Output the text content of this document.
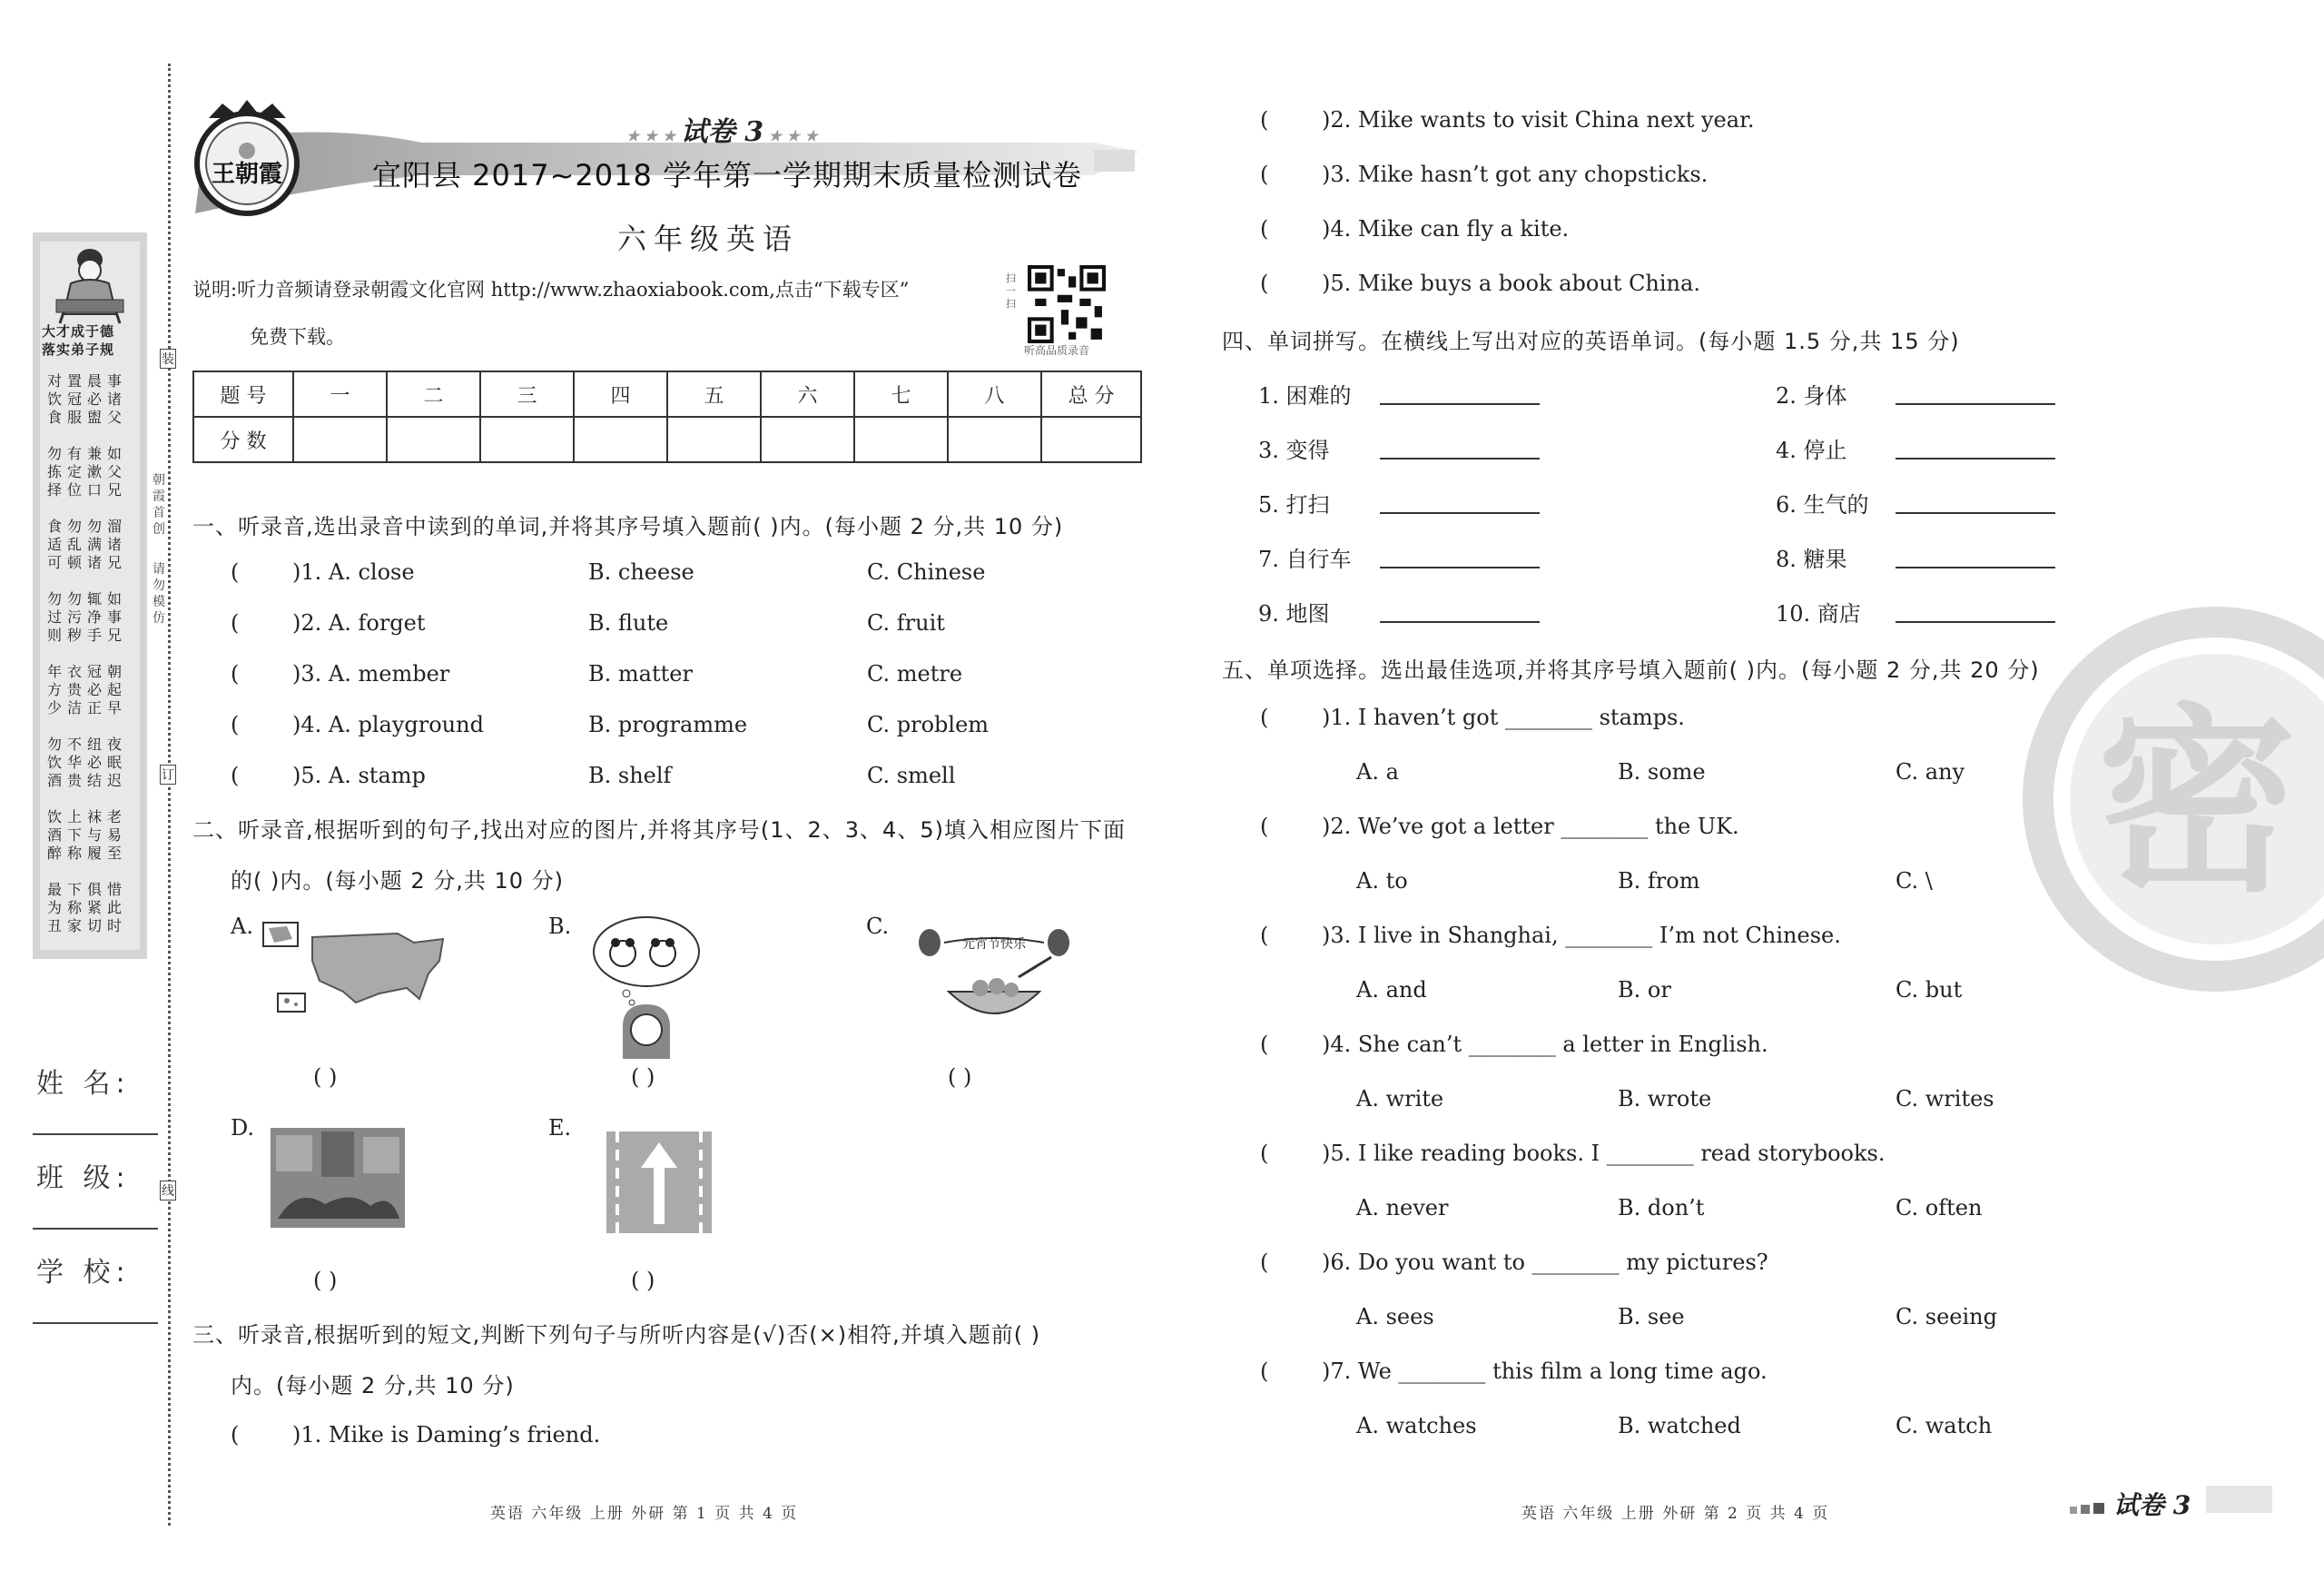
大才成于德
落实弟子规
对饮食
置冠服
晨必盥
事诸父
勿拣择
有定位
兼漱口
如父兄
食适可
勿乱顿
勿满诸
溜诸兄
勿过则
勿污秽
辄净手
如事兄
年方少
衣贵洁
冠必正
朝起早
勿饮酒
不华贵
纽必结
夜眠迟
饮酒醉
上下称
袜与履
老易至
最为丑
下称家
俱紧切
惜此时
朝霞首创
请勿模仿
装
订
线
姓 名:
班 级:
学 校:
王朝霞
★ ★ ★ 试卷 3 ★ ★ ★
宜阳县 2017~2018 学年第一学期期末质量检测试卷
六年级英语
说明:听力音频请登录朝霞文化官网 http://www.zhaoxiabook.com,点击“下载专区”
免费下载。
扫一扫
听高品质录音
题 号	一	二	三	四	五	六	七	八	总 分
分 数									
一、听录音,选出录音中读到的单词,并将其序号填入题前( )内。(每小题 2 分,共 10 分)
( )1. A. close	B. cheese	C. Chinese
( )2. A. forget	B. flute	C. fruit
( )3. A. member	B. matter	C. metre
( )4. A. playground	B. programme	C. problem
( )5. A. stamp	B. shelf	C. smell
二、听录音,根据听到的句子,找出对应的图片,并将其序号(1、2、3、4、5)填入相应图片下面
的( )内。(每小题 2 分,共 10 分)
A.
( )
B.
( )
C.
元宵节快乐
( )
D.
( )
E.
( )
三、听录音,根据听到的短文,判断下列句子与所听内容是(√)否(×)相符,并填入题前( )
内。(每小题 2 分,共 10 分)
( )1. Mike is Daming’s friend.
英语 六年级 上册 外研 第 1 页 共 4 页
( )2. Mike wants to visit China next year.
( )3. Mike hasn’t got any chopsticks.
( )4. Mike can fly a kite.
( )5. Mike buys a book about China.
四、单词拼写。在横线上写出对应的英语单词。(每小题 1.5 分,共 15 分)
1. 困难的	2. 身体
3. 变得	4. 停止
5. 打扫	6. 生气的
7. 自行车	8. 糖果
9. 地图	10. 商店
五、单项选择。选出最佳选项,并将其序号填入题前( )内。(每小题 2 分,共 20 分)
( )1. I haven’t got ________ stamps.
A. a	B. some	C. any
( )2. We’ve got a letter ________ the UK.
A. to	B. from	C. \
( )3. I live in Shanghai, ________ I’m not Chinese.
A. and	B. or	C. but
( )4. She can’t ________ a letter in English.
A. write	B. wrote	C. writes
( )5. I like reading books. I ________ read storybooks.
A. never	B. don’t	C. often
( )6. Do you want to ________ my pictures?
A. sees	B. see	C. seeing
( )7. We ________ this film a long time ago.
A. watches	B. watched	C. watch
密
英语 六年级 上册 外研 第 2 页 共 4 页	试卷 3
